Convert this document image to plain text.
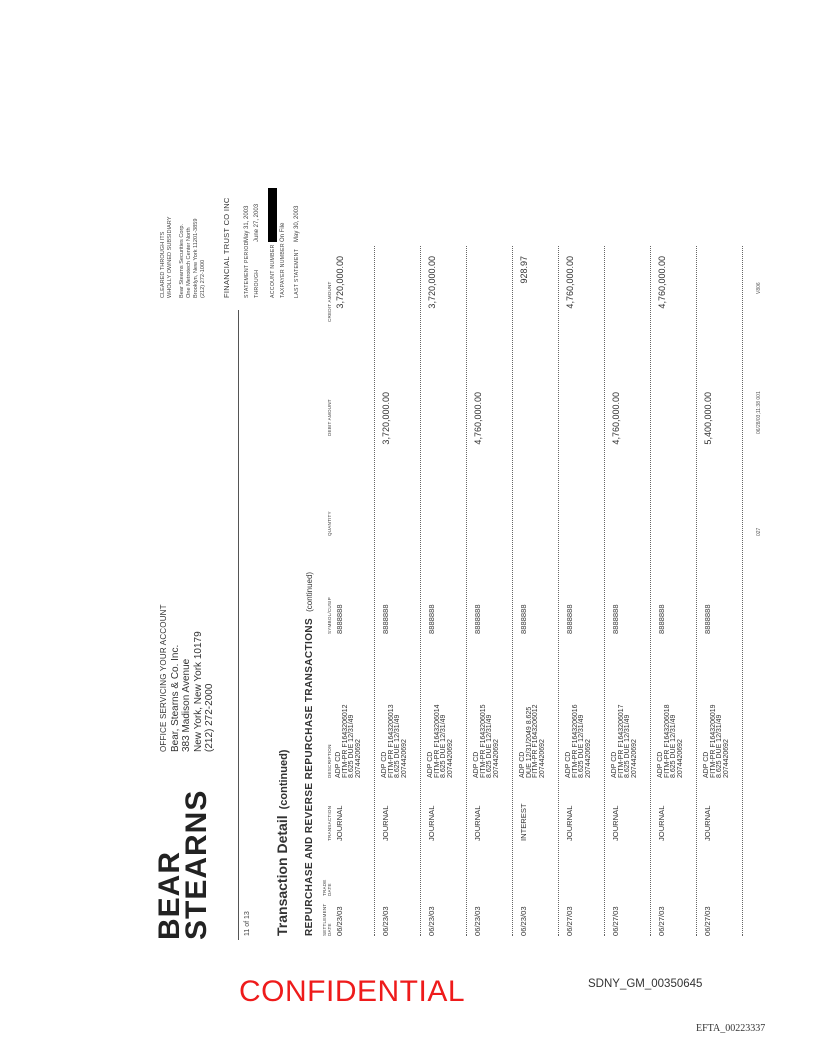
BEAR
STEARNS
OFFICE SERVICING YOUR ACCOUNT Bear, Stearns & Co. Inc. 383 Madison Avenue New York, New York 10179 (212) 272-2000
CLEARED THROUGH ITS WHOLLY OWNED SUBSIDIARY Bear Stearns Securities Corp. One Metrotech Center North Brooklyn, New York 11201-3859 (212) 272-1000 FINANCIAL TRUST CO INC	STATEMENT PERIODMay 31, 2003
THROUGHJune 27, 2003
ACCOUNT NUMBER TAXPAYER NUMBEROn File
LAST STATEMENTMay 30, 2003
11 of 13 Transaction Detail(continued) REPURCHASE AND REVERSE REPURCHASE TRANSACTIONS(continued)
SETTLEMENT DATE
TRADE DATE
TRANSACTION
DESCRIPTION
SYMBOL/CUSIP
QUANTITY
DEBIT AMOUNT
CREDIT AMOUNT
06/23/03
JOURNAL
8888888
3,720,000.00
ADP CD FITM-PR F1643206012 8.625 DUE 12/31/49 2074420692
06/23/03
JOURNAL
8888888
3,720,000.00
ADP CD FITM-PR F1643206013 8.625 DUE 12/31/49 2074420692
06/23/03
JOURNAL
8888888
3,720,000.00
ADP CD FITM-PR F1643206014 8.625 DUE 12/31/49 2074420692
06/23/03
JOURNAL
8888888
4,760,000.00
ADP CD FITM-PR F1643206015 8.625 DUE 12/31/49 2074420692
06/23/03
INTEREST
8888888
928.97
ADP CD DUE 12/31/2049 8.625 FITM-PR F1643206012 2074420692
06/27/03
JOURNAL
8888888
4,760,000.00
ADP CD FITM-PR F1643206016 8.625 DUE 12/31/49 2074420692
06/27/03
JOURNAL
8888888
4,760,000.00
ADP CD FITM-PR F1643206017 8.625 DUE 12/31/49 2074420692
06/27/03
JOURNAL
8888888
4,760,000.00
ADP CD FITM-PR F1643206018 8.625 DUE 12/31/49 2074420692
06/27/03
JOURNAL
8888888
5,400,000.00
ADP CD FITM-PR F1643206019 8.625 DUE 12/31/49 2074420692
027
06/28/03;11:38 001
V806
CONFIDENTIAL	SDNY_GM_00350645
EFTA_00223337
